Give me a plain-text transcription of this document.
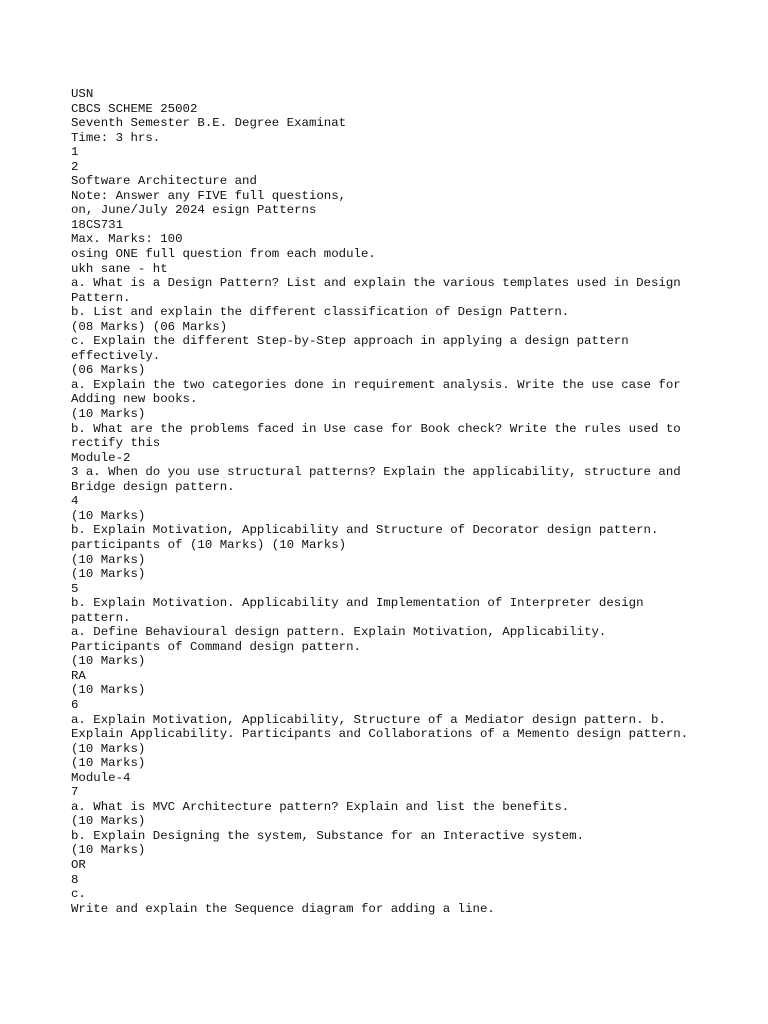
USN
CBCS SCHEME 25002
Seventh Semester B.E. Degree Examinat
Time: 3 hrs.
1
2
Software Architecture and
Note: Answer any FIVE full questions,
on, June/July 2024 esign Patterns
18CS731
Max. Marks: 100
osing ONE full question from each module.
ukh sane - ht
a. What is a Design Pattern? List and explain the various templates used in Design
Pattern.
b. List and explain the different classification of Design Pattern.
(08 Marks) (06 Marks)
c. Explain the different Step-by-Step approach in applying a design pattern
effectively.
(06 Marks)
a. Explain the two categories done in requirement analysis. Write the use case for
Adding new books.
(10 Marks)
b. What are the problems faced in Use case for Book check? Write the rules used to
rectify this
Module-2
3 a. When do you use structural patterns? Explain the applicability, structure and
Bridge design pattern.
4
(10 Marks)
b. Explain Motivation, Applicability and Structure of Decorator design pattern.
participants of (10 Marks) (10 Marks)
(10 Marks)
(10 Marks)
5
b. Explain Motivation. Applicability and Implementation of Interpreter design
pattern.
a. Define Behavioural design pattern. Explain Motivation, Applicability.
Participants of Command design pattern.
(10 Marks)
RA
(10 Marks)
6
a. Explain Motivation, Applicability, Structure of a Mediator design pattern. b.
Explain Applicability. Participants and Collaborations of a Memento design pattern.
(10 Marks)
(10 Marks)
Module-4
7
a. What is MVC Architecture pattern? Explain and list the benefits.
(10 Marks)
b. Explain Designing the system, Substance for an Interactive system.
(10 Marks)
OR
8
c.
Write and explain the Sequence diagram for adding a line.
